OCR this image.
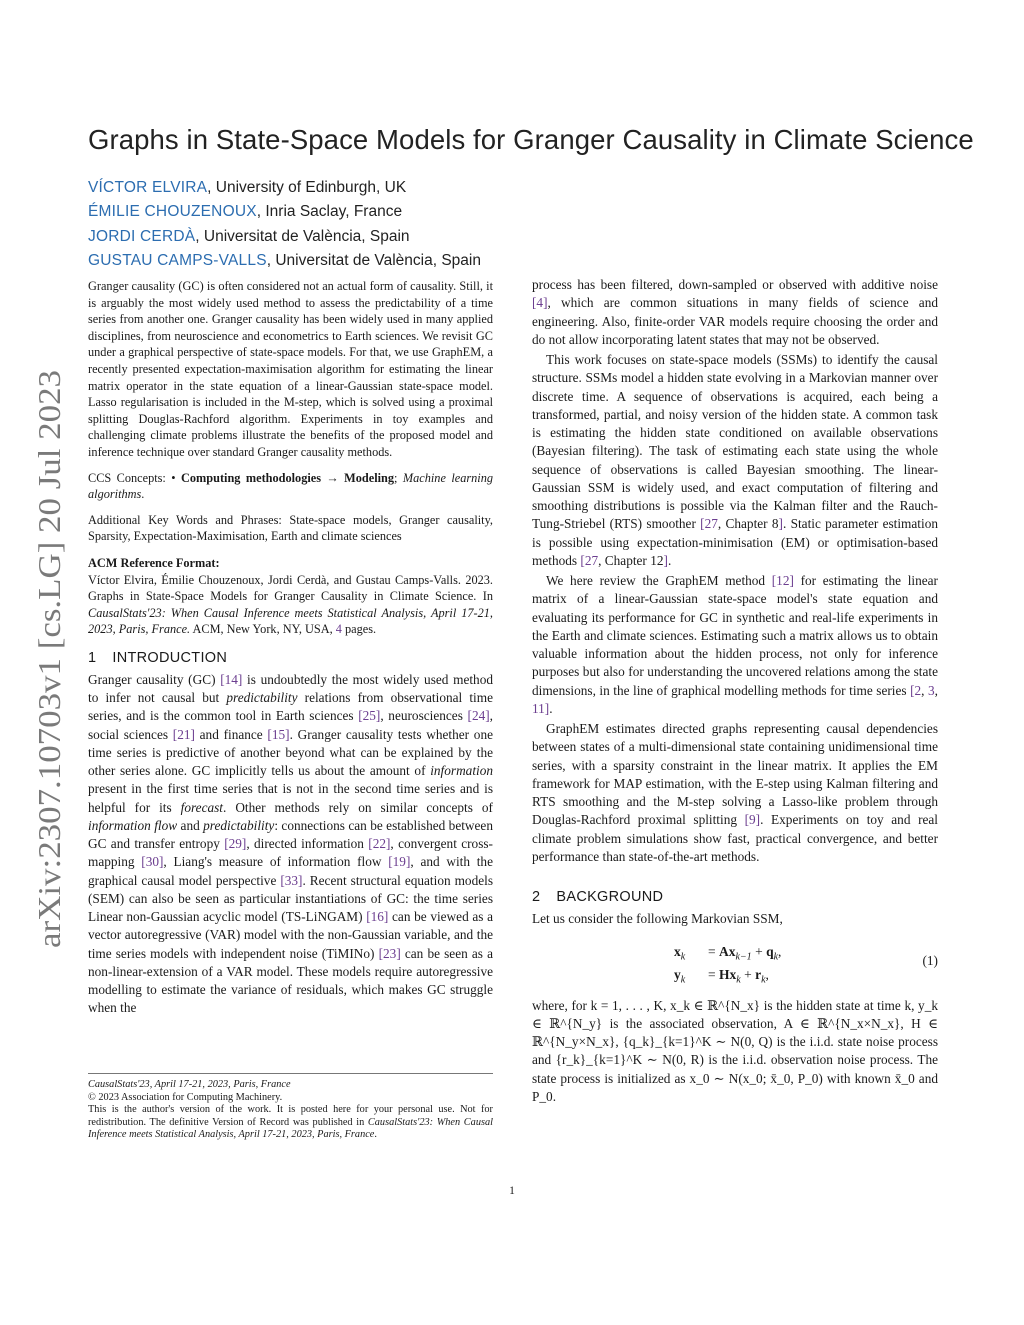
arXiv:2307.10703v1 [cs.LG] 20 Jul 2023
Graphs in State-Space Models for Granger Causality in Climate Science
VÍCTOR ELVIRA, University of Edinburgh, UK
ÉMILIE CHOUZENOUX, Inria Saclay, France
JORDI CERDÀ, Universitat de València, Spain
GUSTAU CAMPS-VALLS, Universitat de València, Spain

Granger causality (GC) is often considered not an actual form of causality. Still, it is arguably the most widely used method to assess the predictability of a time series from another one. Granger causality has been widely used in many applied disciplines, from neuroscience and econometrics to Earth sciences. We revisit GC under a graphical perspective of state-space models. For that, we use GraphEM, a recently presented expectation-maximisation algorithm for estimating the linear matrix operator in the state equation of a linear-Gaussian state-space model. Lasso regularisation is included in the M-step, which is solved using a proximal splitting Douglas-Rachford algorithm. Experiments in toy examples and challenging climate problems illustrate the benefits of the proposed model and inference technique over standard Granger causality methods.

CCS Concepts: • Computing methodologies → Modeling; Machine learning algorithms.

Additional Key Words and Phrases: State-space models, Granger causality, Sparsity, Expectation-Maximisation, Earth and climate sciences

ACM Reference Format:

Víctor Elvira, Émilie Chouzenoux, Jordi Cerdà, and Gustau Camps-Valls. 2023. Graphs in State-Space Models for Granger Causality in Climate Science. In CausalStats'23: When Causal Inference meets Statistical Analysis, April 17-21, 2023, Paris, France. ACM, New York, NY, USA, 4 pages.

1 INTRODUCTION

Granger causality (GC) [14] is undoubtedly the most widely used method to infer not causal but predictability relations from observational time series, and is the common tool in Earth sciences [25], neurosciences [24], social sciences [21] and finance [15]. Granger causality tests whether one time series is predictive of another beyond what can be explained by the other series alone. GC implicitly tells us about the amount of information present in the first time series that is not in the second time series and is helpful for its forecast. Other methods rely on similar concepts of information flow and predictability: connections can be established between GC and transfer entropy [29], directed information [22], convergent cross-mapping [30], Liang's measure of information flow [19], and with the graphical causal model perspective [33]. Recent structural equation models (SEM) can also be seen as particular instantiations of GC: the time series Linear non-Gaussian acyclic model (TS-LiNGAM) [16] can be viewed as a vector autoregressive (VAR) model with the non-Gaussian variable, and the time series models with independent noise (TiMINo) [23] can be seen as a non-linear-extension of a VAR model. These models require autoregressive modelling to estimate the variance of residuals, which makes GC struggle when the

process has been filtered, down-sampled or observed with additive noise [4], which are common situations in many fields of science and engineering. Also, finite-order VAR models require choosing the order and do not allow incorporating latent states that may not be observed.

This work focuses on state-space models (SSMs) to identify the causal structure. SSMs model a hidden state evolving in a Markovian manner over discrete time. A sequence of observations is acquired, each being a transformed, partial, and noisy version of the hidden state. A common task is estimating the hidden state conditioned on available observations (Bayesian filtering). The task of estimating each state using the whole sequence of observations is called Bayesian smoothing. The linear-Gaussian SSM is widely used, and exact computation of filtering and smoothing distributions is possible via the Kalman filter and the Rauch-Tung-Striebel (RTS) smoother [27, Chapter 8]. Static parameter estimation is possible using expectation-minimisation (EM) or optimisation-based methods [27, Chapter 12].

We here review the GraphEM method [12] for estimating the linear matrix of a linear-Gaussian state-space model's state equation and evaluating its performance for GC in synthetic and real-life experiments in the Earth and climate sciences. Estimating such a matrix allows us to obtain valuable information about the hidden process, not only for inference purposes but also for understanding the uncovered relations among the state dimensions, in the line of graphical modelling methods for time series [2, 3, 11].

GraphEM estimates directed graphs representing causal dependencies between states of a multi-dimensional state containing unidimensional time series, with a sparsity constraint in the linear matrix. It applies the EM framework for MAP estimation, with the E-step using Kalman filtering and RTS smoothing and the M-step solving a Lasso-like problem through Douglas-Rachford proximal splitting [9]. Experiments on toy and real climate problem simulations show fast, practical convergence, and better performance than state-of-the-art methods.

2 BACKGROUND

Let us consider the following Markovian SSM,

$x_k = Ax_{k-1} + q_k$,
$y_k = Hx_k + r_k$,
(1)

where, for k = 1, . . . , K, x_k ∈ ℝ^{N_x} is the hidden state at time k, y_k ∈ ℝ^{N_y} is the associated observation, A ∈ ℝ^{N_x×N_x}, H ∈ ℝ^{N_y×N_x}, {q_k}_{k=1}^K ∼ N(0, Q) is the i.i.d. state noise process and {r_k}_{k=1}^K ∼ N(0, R) is the i.i.d. observation noise process. The state process is initialized as x_0 ∼ N(x_0; x̄_0, P_0) with known x̄_0 and P_0.

CausalStats'23, April 17-21, 2023, Paris, France

© 2023 Association for Computing Machinery.

This is the author's version of the work. It is posted here for your personal use. Not for redistribution. The definitive Version of Record was published in CausalStats'23: When Causal Inference meets Statistical Analysis, April 17-21, 2023, Paris, France.

1
